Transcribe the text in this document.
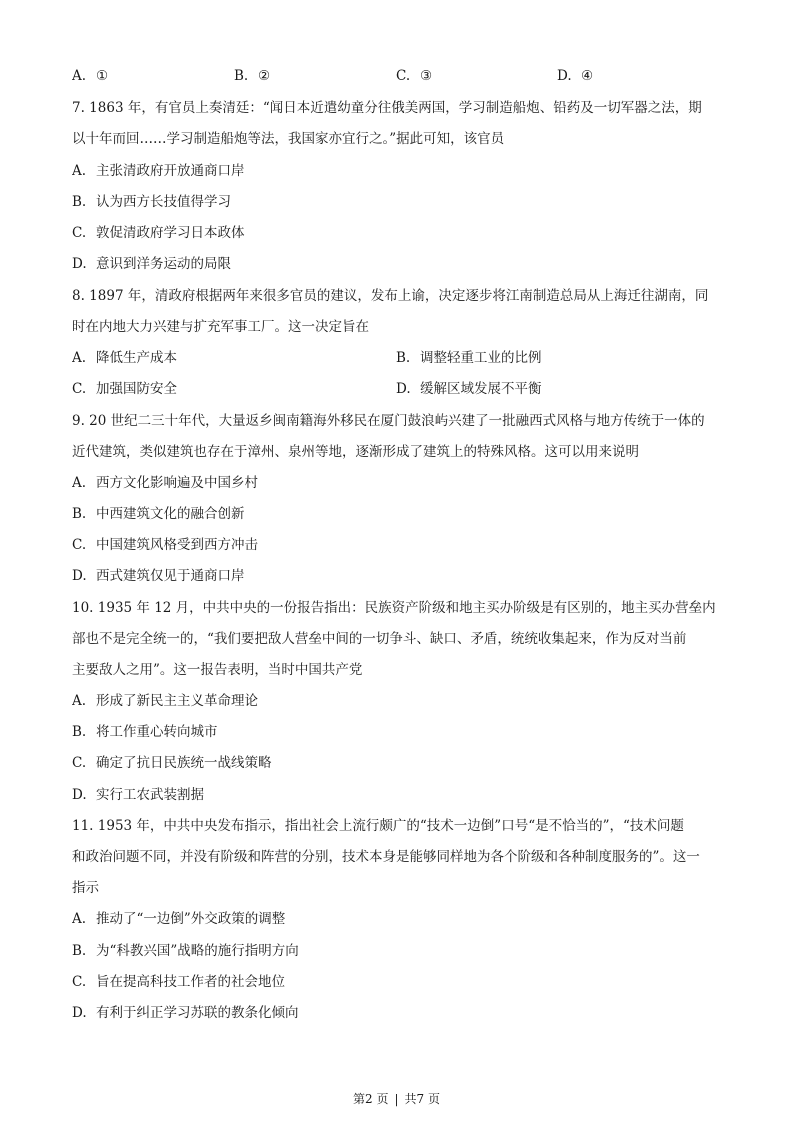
A. ①	B. ②	C. ③	D. ④
7. 1863 年，有官员上奏清廷：“闻日本近遣幼童分往俄美两国，学习制造船炮、铅药及一切军器之法，期
以十年而回……学习制造船炮等法，我国家亦宜行之。”据此可知，该官员
A. 主张清政府开放通商口岸
B. 认为西方长技值得学习
C. 敦促清政府学习日本政体
D. 意识到洋务运动的局限
8. 1897 年，清政府根据两年来很多官员的建议，发布上谕，决定逐步将江南制造总局从上海迁往湖南，同
时在内地大力兴建与扩充军事工厂。这一决定旨在
A. 降低生产成本	B. 调整轻重工业的比例
C. 加强国防安全	D. 缓解区域发展不平衡
9. 20 世纪二三十年代，大量返乡闽南籍海外移民在厦门鼓浪屿兴建了一批融西式风格与地方传统于一体的
近代建筑，类似建筑也存在于漳州、泉州等地，逐渐形成了建筑上的特殊风格。这可以用来说明
A. 西方文化影响遍及中国乡村
B. 中西建筑文化的融合创新
C. 中国建筑风格受到西方冲击
D. 西式建筑仅见于通商口岸
10. 1935 年 12 月，中共中央的一份报告指出：民族资产阶级和地主买办阶级是有区别的，地主买办营垒内
部也不是完全统一的，“我们要把敌人营垒中间的一切争斗、缺口、矛盾，统统收集起来，作为反对当前
主要敌人之用”。这一报告表明，当时中国共产党
A. 形成了新民主主义革命理论
B. 将工作重心转向城市
C. 确定了抗日民族统一战线策略
D. 实行工农武装割据
11. 1953 年，中共中央发布指示，指出社会上流行颇广的“技术一边倒”口号“是不恰当的”，“技术问题
和政治问题不同，并没有阶级和阵营的分别，技术本身是能够同样地为各个阶级和各种制度服务的”。这一
指示
A. 推动了“一边倒”外交政策的调整
B. 为“科教兴国”战略的施行指明方向
C. 旨在提高科技工作者的社会地位
D. 有利于纠正学习苏联的教条化倾向
第2 页 | 共7 页
